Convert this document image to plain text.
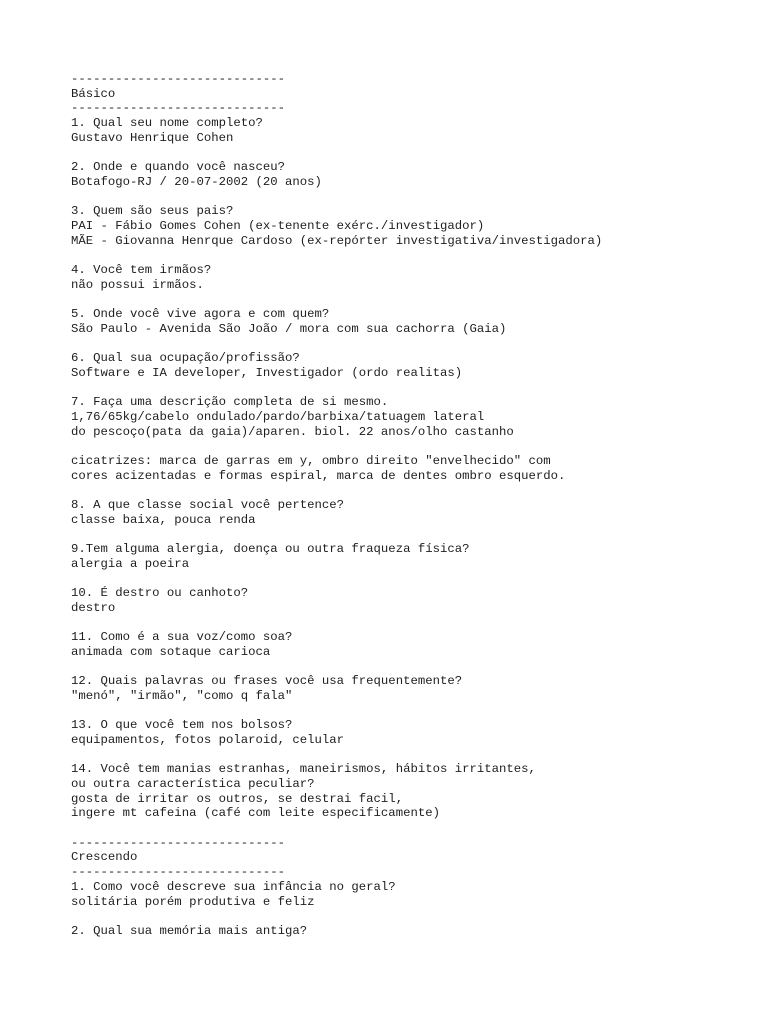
-----------------------------
Básico
-----------------------------
1. Qual seu nome completo?
Gustavo Henrique Cohen
2. Onde e quando você nasceu?
Botafogo-RJ / 20-07-2002 (20 anos)
3. Quem são seus pais?
PAI - Fábio Gomes Cohen (ex-tenente exérc./investigador)
MÃE - Giovanna Henrque Cardoso (ex-repórter investigativa/investigadora)
4. Você tem irmãos?
não possui irmãos.
5. Onde você vive agora e com quem?
São Paulo - Avenida São João / mora com sua cachorra (Gaia)
6. Qual sua ocupação/profissão?
Software e IA developer, Investigador (ordo realitas)
7. Faça uma descrição completa de si mesmo.
1,76/65kg/cabelo ondulado/pardo/barbixa/tatuagem lateral
do pescoço(pata da gaia)/aparen. biol. 22 anos/olho castanho
cicatrizes: marca de garras em y, ombro direito "envelhecido" com
cores acizentadas e formas espiral, marca de dentes ombro esquerdo.
8. A que classe social você pertence?
classe baixa, pouca renda
9.Tem alguma alergia, doença ou outra fraqueza física?
alergia a poeira
10. É destro ou canhoto?
destro
11. Como é a sua voz/como soa?
animada com sotaque carioca
12. Quais palavras ou frases você usa frequentemente?
"menó", "irmão", "como q fala"
13. O que você tem nos bolsos?
equipamentos, fotos polaroid, celular
14. Você tem manias estranhas, maneirismos, hábitos irritantes,
ou outra característica peculiar?
gosta de irritar os outros, se destrai facil,
ingere mt cafeina (café com leite especificamente)
-----------------------------
Crescendo
-----------------------------
1. Como você descreve sua infância no geral?
solitária porém produtiva e feliz
2. Qual sua memória mais antiga?
